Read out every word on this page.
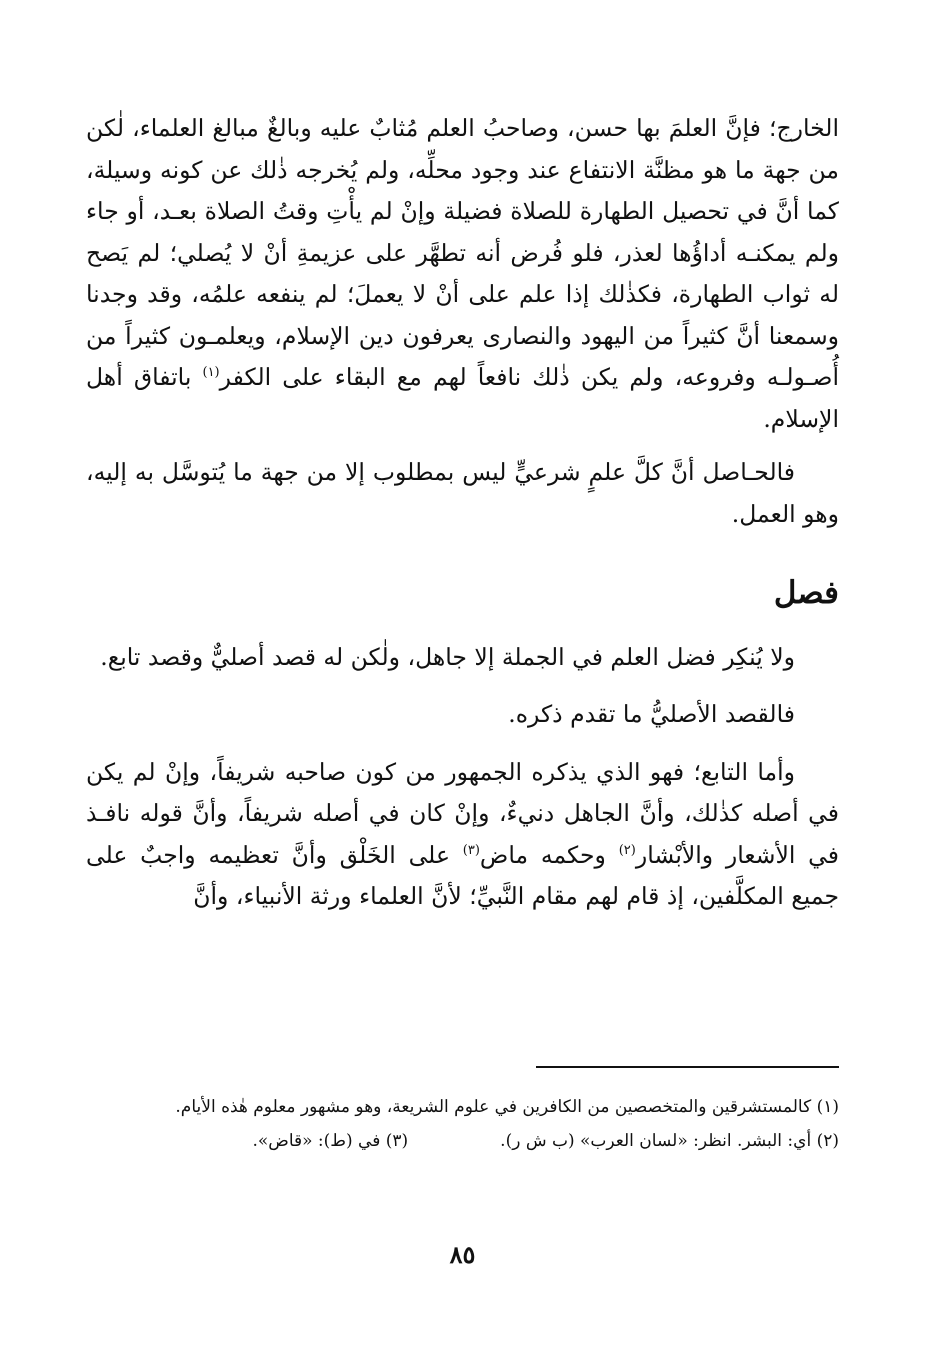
الخارج؛ فإنَّ العلمَ بها حسن، وصاحبُ العلم مُثابٌ عليه وبالغٌ مبالغ العلماء، لٰكن من جهة ما هو مظنَّة الانتفاع عند وجود محلِّه، ولم يُخرجه ذٰلك عن كونه وسيلة، كما أنَّ في تحصيل الطهارة للصلاة فضيلة وإنْ لم يأْتِ وقتُ الصلاة بعـد، أو جاء ولم يمكنـه أداؤُها لعذر، فلو فُرض أنه تطهَّر على عزيمةِ أنْ لا يُصلي؛ لم يَصح له ثواب الطهارة، فكذٰلك إذا علم على أنْ لا يعملَ؛ لم ينفعه علمُه، وقد وجدنا وسمعنا أنَّ كثيراً من اليهود والنصارى يعرفون دين الإسلام، ويعلمـون كثيراً من أُصـولـه وفروعه، ولم يكن ذٰلك نافعاً لهم مع البقاء على الكفر$^{(١)}$ باتفاق أهل الإسلام.

فالحـاصل أنَّ كلَّ علمٍ شرعيٍّ ليس بمطلوب إلا من جهة ما يُتوسَّل به إليه، وهو العمل.

فصل

ولا يُنكِر فضل العلم في الجملة إلا جاهل، ولٰكن له قصد أصليٌّ وقصد تابع.

فالقصد الأصليُّ ما تقدم ذكره.

وأما التابع؛ فهو الذي يذكره الجمهور من كون صاحبه شريفاً، وإنْ لم يكن في أصله كذٰلك، وأنَّ الجاهل دنيءٌ، وإنْ كان في أصله شريفاً، وأنَّ قوله نافـذ في الأشعار والأبْشار$^{(٢)}$ وحكمه ماض$^{(٣)}$ على الخَلْق وأنَّ تعظيمه واجبٌ على جميع المكلَّفين، إذ قام لهم مقام النَّبيِّ؛ لأنَّ العلماء ورثة الأنبياء، وأنَّ

(١) كالمستشرقين والمتخصصين من الكافرين في علوم الشريعة، وهو مشهور معلوم هٰذه الأيام.

(٢) أي: البشر. انظر: «لسان العرب» (ب ش ر).
(٣) في (ط): «قاض».
٨٥
